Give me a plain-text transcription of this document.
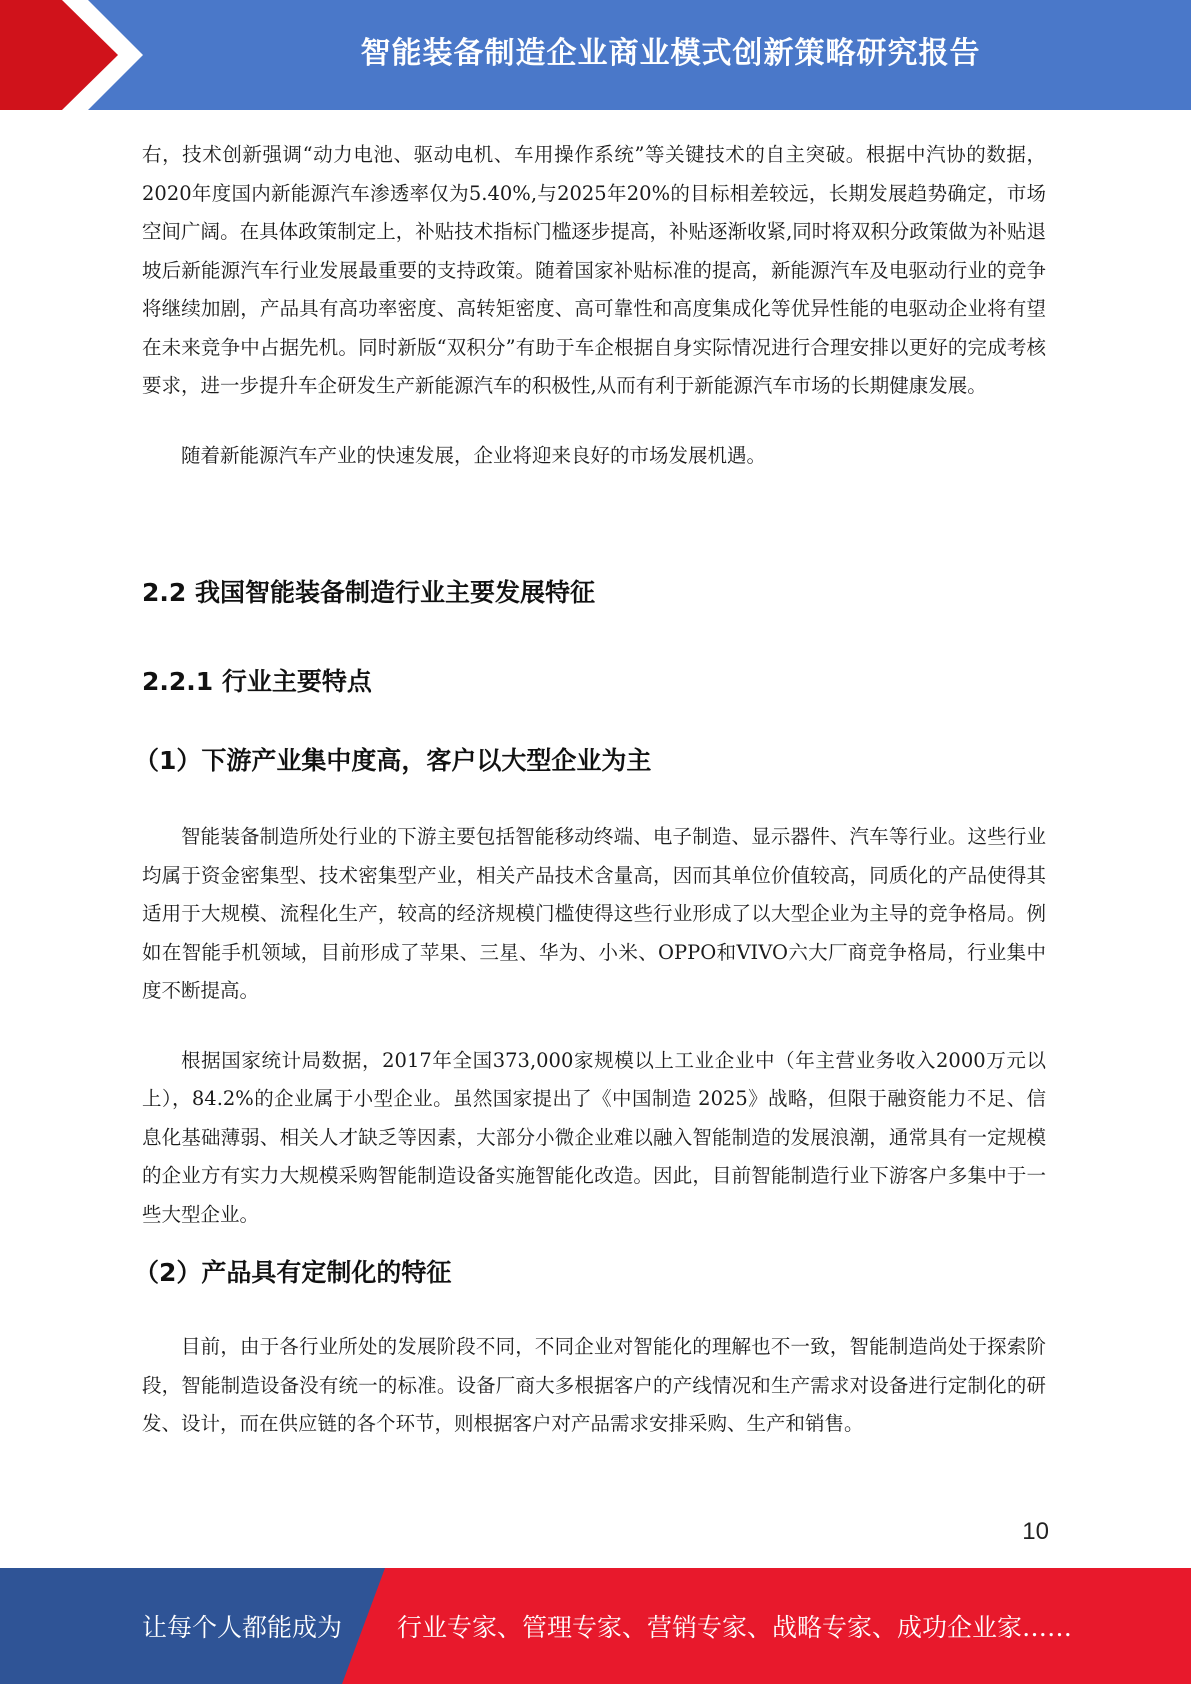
智能装备制造企业商业模式创新策略研究报告

右，技术创新强调“动力电池、驱动电机、车用操作系统”等关键技术的自主突破。根据中汽协的数据，2020年度国内新能源汽车渗透率仅为5.40%,与2025年20%的目标相差较远，长期发展趋势确定，市场空间广阔。在具体政策制定上，补贴技术指标门槛逐步提高，补贴逐渐收紧,同时将双积分政策做为补贴退坡后新能源汽车行业发展最重要的支持政策。随着国家补贴标准的提高，新能源汽车及电驱动行业的竞争将继续加剧，产品具有高功率密度、高转矩密度、高可靠性和高度集成化等优异性能的电驱动企业将有望在未来竞争中占据先机。同时新版“双积分”有助于车企根据自身实际情况进行合理安排以更好的完成考核要求，进一步提升车企研发生产新能源汽车的积极性,从而有利于新能源汽车市场的长期健康发展。

随着新能源汽车产业的快速发展，企业将迎来良好的市场发展机遇。

2.2 我国智能装备制造行业主要发展特征
2.2.1 行业主要特点
（1）下游产业集中度高，客户以大型企业为主

智能装备制造所处行业的下游主要包括智能移动终端、电子制造、显示器件、汽车等行业。这些行业均属于资金密集型、技术密集型产业，相关产品技术含量高，因而其单位价值较高，同质化的产品使得其适用于大规模、流程化生产，较高的经济规模门槛使得这些行业形成了以大型企业为主导的竞争格局。例如在智能手机领域，目前形成了苹果、三星、华为、小米、OPPO和VIVO六大厂商竞争格局，行业集中度不断提高。

根据国家统计局数据，2017年全国373,000家规模以上工业企业中（年主营业务收入2000万元以上），84.2%的企业属于小型企业。虽然国家提出了《中国制造 2025》战略，但限于融资能力不足、信息化基础薄弱、相关人才缺乏等因素，大部分小微企业难以融入智能制造的发展浪潮，通常具有一定规模的企业方有实力大规模采购智能制造设备实施智能化改造。因此，目前智能制造行业下游客户多集中于一些大型企业。

（2）产品具有定制化的特征

目前，由于各行业所处的发展阶段不同，不同企业对智能化的理解也不一致，智能制造尚处于探索阶段，智能制造设备没有统一的标准。设备厂商大多根据客户的产线情况和生产需求对设备进行定制化的研发、设计，而在供应链的各个环节，则根据客户对产品需求安排采购、生产和销售。

10
让每个人都能成为 行业专家、管理专家、营销专家、战略专家、成功企业家……
